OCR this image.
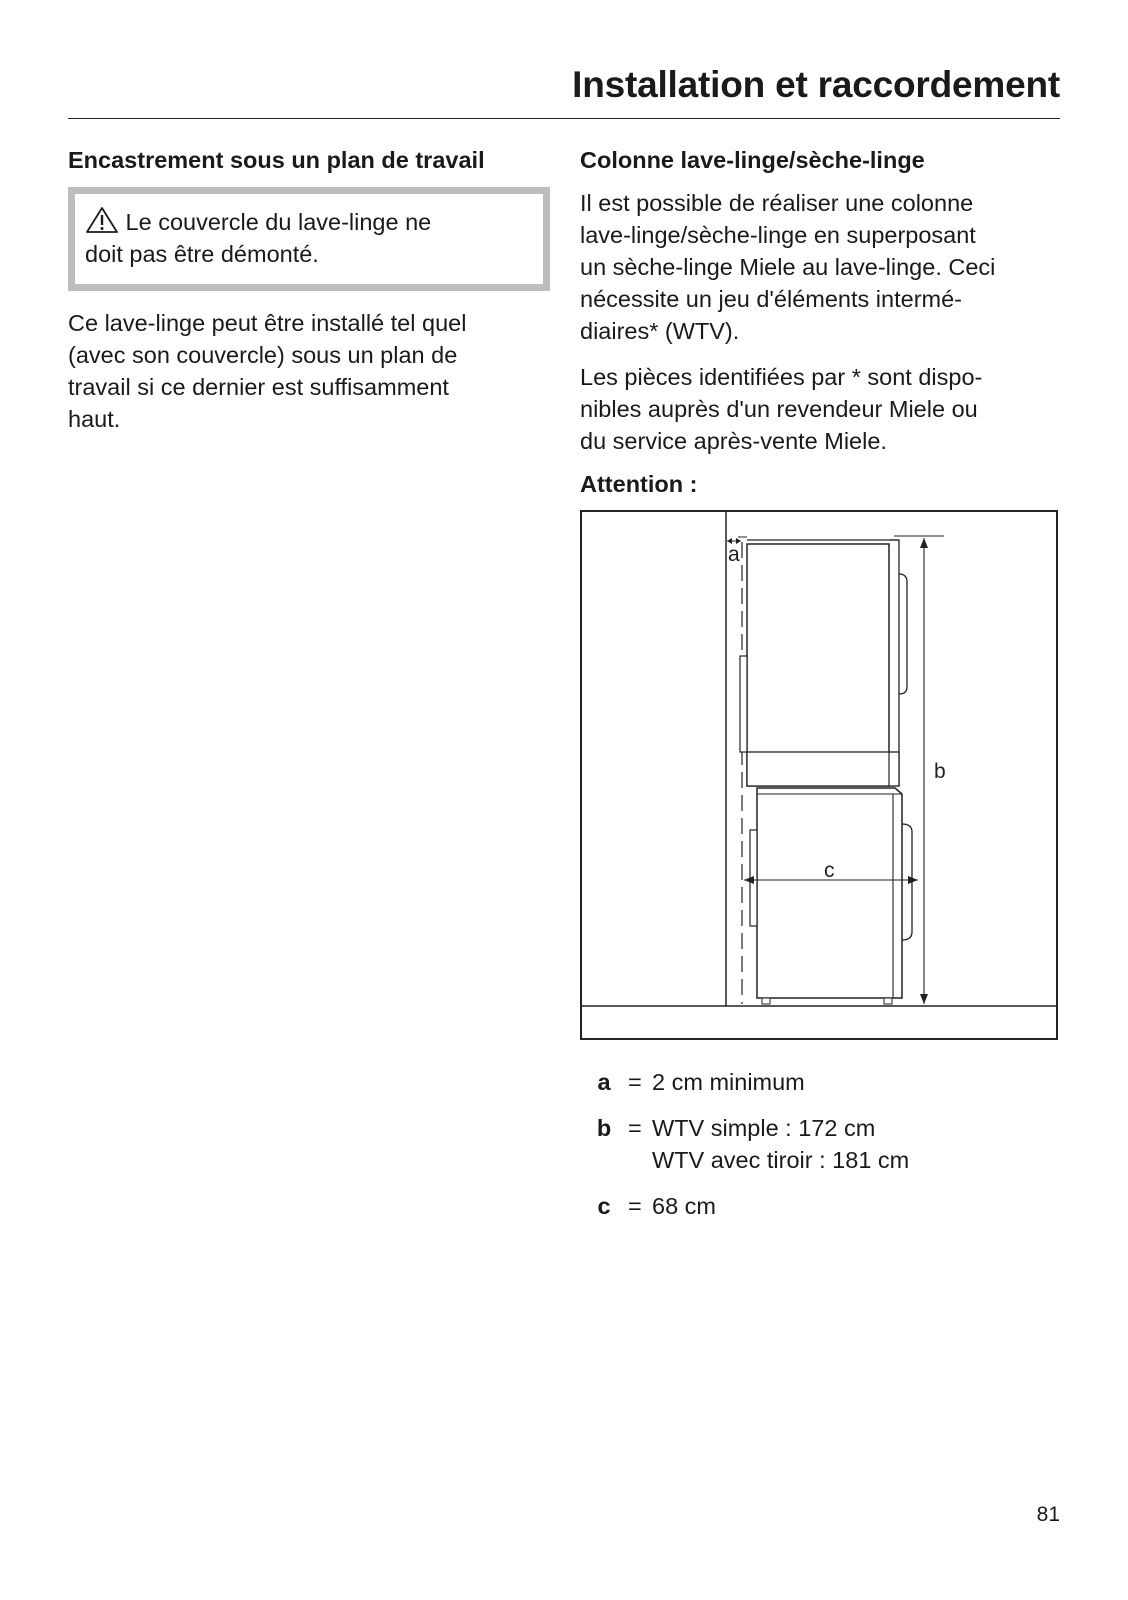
Installation et raccordement
Encastrement sous un plan de travail
Le couvercle du lave-linge ne
doit pas être démonté.

Ce lave-linge peut être installé tel quel
(avec son couvercle) sous un plan de
travail si ce dernier est suffisamment
haut.

Colonne lave-linge/sèche-linge

Il est possible de réaliser une colonne
lave-linge/sèche-linge en superposant
un sèche-linge Miele au lave-linge. Ceci
nécessite un jeu d'éléments intermé-
diaires* (WTV).

Les pièces identifiées par * sont dispo-
nibles auprès d'un revendeur Miele ou
du service après-vente Miele.

Attention :
a
b
c
a = 2 cm minimum
b = WTV simple : 172 cm
WTV avec tiroir : 181 cm
c = 68 cm
81
